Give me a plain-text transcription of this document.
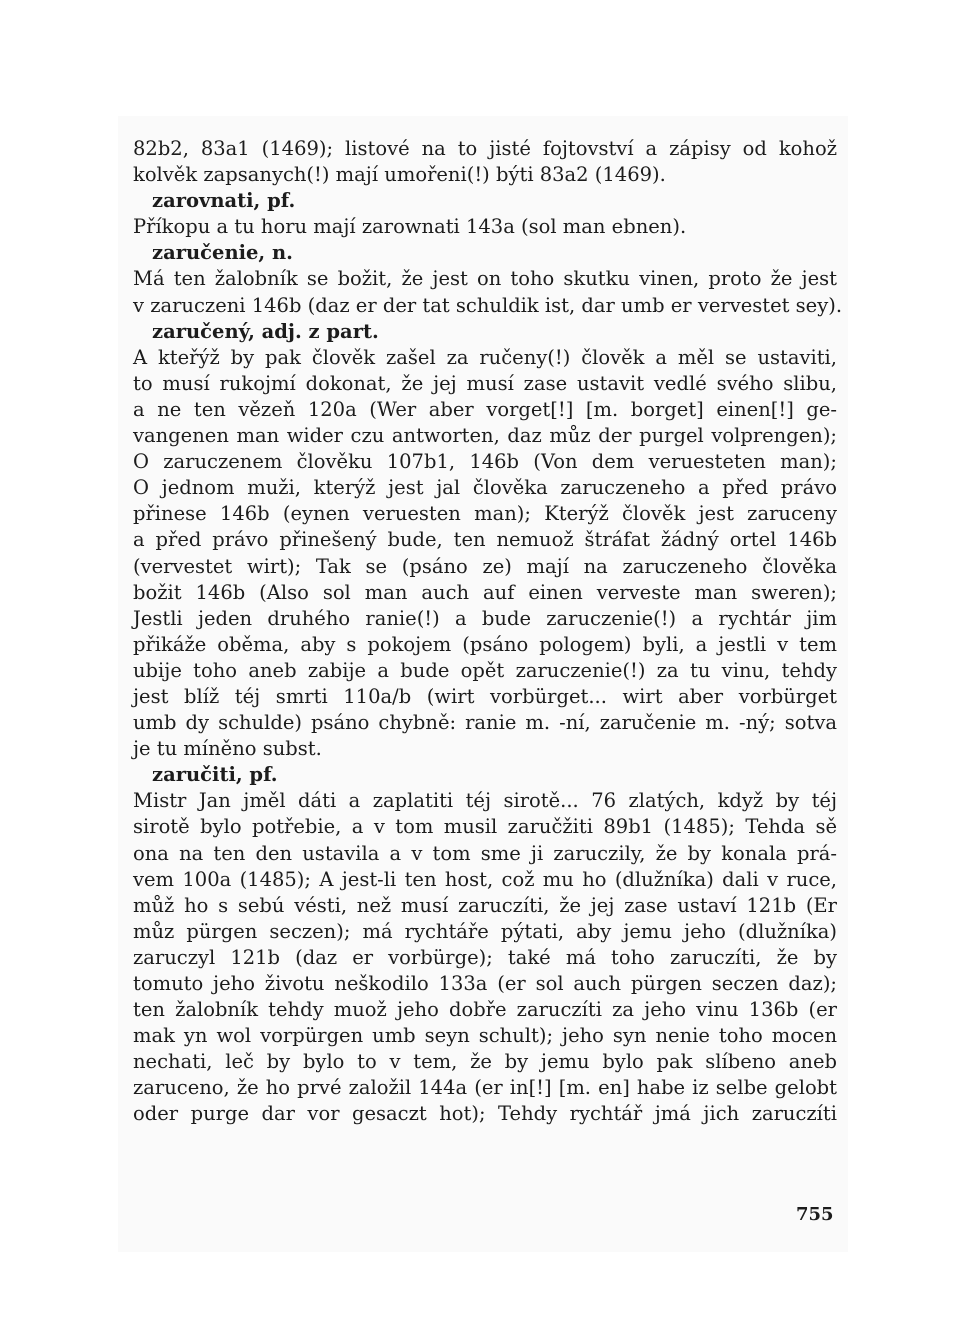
82b2, 83a1 (1469); listové na to jisté fojtovství a zápisy od kohož
kolvěk zapsanych(!) mají umořeni(!) býti 83a2 (1469).
zarovnati, pf.
Příkopu a tu horu mají zarownati 143a (sol man ebnen).
zaručenie, n.
Má ten žalobník se božit, že jest on toho skutku vinen, proto že jest
v zaruczeni 146b (daz er der tat schuldik ist, dar umb er vervestet sey).
zaručený, adj. z part.
A kteřýž by pak člověk zašel za ručeny(!) člověk a měl se ustaviti,
to musí rukojmí dokonat, že jej musí zase ustavit vedlé svého slibu,
a ne ten vězeň 120a (Wer aber vorget[!] [m. borget] einen[!] ge-
vangenen man wider czu antworten, daz můz der purgel volprengen);
O zaruczenem člověku 107b1, 146b (Von dem veruesteten man);
O jednom muži, kterýž jest jal člověka zaruczeneho a před právo
přinese 146b (eynen veruesten man); Kterýž člověk jest zaruceny
a před právo přinešený bude, ten nemuož štráfat žádný ortel 146b
(vervestet wirt); Tak se (psáno ze) mají na zaruczeneho člověka
božit 146b (Also sol man auch auf einen verveste man sweren);
Jestli jeden druhého ranie(!) a bude zaruczenie(!) a rychtár jim
přikáže oběma, aby s pokojem (psáno pologem) byli, a jestli v tem
ubije toho aneb zabije a bude opět zaruczenie(!) za tu vinu, tehdy
jest blíž téj smrti 110a/b (wirt vorbürget... wirt aber vorbürget
umb dy schulde) psáno chybně: ranie m. -ní, zaručenie m. -ný; sotva
je tu míněno subst.
zaručiti, pf.
Mistr Jan jměl dáti a zaplatiti téj sirotě... 76 zlatých, když by téj
sirotě bylo potřebie, a v tom musil zaručžiti 89b1 (1485); Tehda sě
ona na ten den ustavila a v tom sme ji zaruczily, že by konala prá-
vem 100a (1485); A jest-li ten host, což mu ho (dlužníka) dali v ruce,
můž ho s sebú vésti, než musí zaruczíti, že jej zase ustaví 121b (Er
můz pürgen seczen); má rychtáře pýtati, aby jemu jeho (dlužníka)
zaruczyl 121b (daz er vorbürge); také má toho zaruczíti, že by
tomuto jeho životu neškodilo 133a (er sol auch pürgen seczen daz);
ten žalobník tehdy muož jeho dobře zaruczíti za jeho vinu 136b (er
mak yn wol vorpürgen umb seyn schult); jeho syn nenie toho mocen
nechati, leč by bylo to v tem, že by jemu bylo pak slíbeno aneb
zaruceno, že ho prvé založil 144a (er in[!] [m. en] habe iz selbe gelobt
oder purge dar vor gesaczt hot); Tehdy rychtář jmá jich zaruczíti
755
